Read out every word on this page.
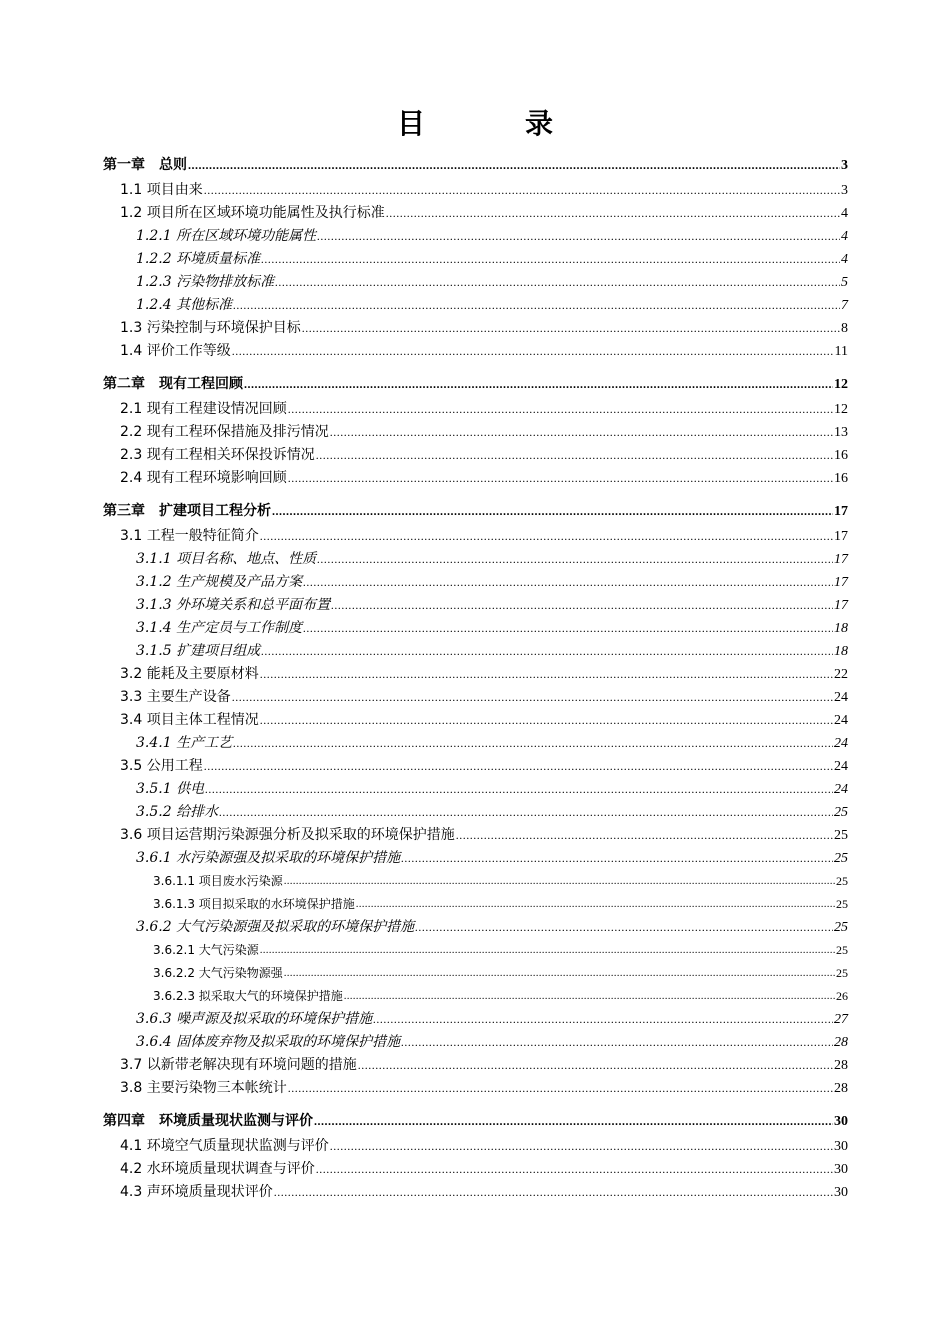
目　录
第一章　总则 .....	3
1.1 项目由来 .....	3
1.2 项目所在区域环境功能属性及执行标准 .....	4
1.2.1 所在区域环境功能属性 .....	4
1.2.2 环境质量标准 .....	4
1.2.3 污染物排放标准 .....	5
1.2.4 其他标准 .....	7
1.3 污染控制与环境保护目标 .....	8
1.4 评价工作等级 .....	11
第二章　现有工程回顾 .....	12
2.1 现有工程建设情况回顾 .....	12
2.2 现有工程环保措施及排污情况 .....	13
2.3 现有工程相关环保投诉情况 .....	16
2.4 现有工程环境影响回顾 .....	16
第三章　扩建项目工程分析 .....	17
3.1 工程一般特征简介 .....	17
3.1.1 项目名称、地点、性质 .....	17
3.1.2 生产规模及产品方案 .....	17
3.1.3 外环境关系和总平面布置 .....	17
3.1.4 生产定员与工作制度 .....	18
3.1.5 扩建项目组成 .....	18
3.2 能耗及主要原材料 .....	22
3.3 主要生产设备 .....	24
3.4 项目主体工程情况 .....	24
3.4.1 生产工艺 .....	24
3.5 公用工程 .....	24
3.5.1 供电 .....	24
3.5.2 给排水 .....	25
3.6 项目运营期污染源强分析及拟采取的环境保护措施 .....	25
3.6.1 水污染源强及拟采取的环境保护措施 .....	25
3.6.1.1 项目废水污染源 .....	25
3.6.1.3 项目拟采取的水环境保护措施 .....	25
3.6.2 大气污染源强及拟采取的环境保护措施 .....	25
3.6.2.1 大气污染源 .....	25
3.6.2.2 大气污染物源强 .....	25
3.6.2.3 拟采取大气的环境保护措施 .....	26
3.6.3 噪声源及拟采取的环境保护措施 .....	27
3.6.4 固体废弃物及拟采取的环境保护措施 .....	28
3.7 以新带老解决现有环境问题的措施 .....	28
3.8 主要污染物三本帐统计 .....	28
第四章　环境质量现状监测与评价 .....	30
4.1 环境空气质量现状监测与评价 .....	30
4.2 水环境质量现状调查与评价 .....	30
4.3 声环境质量现状评价 .....	30
